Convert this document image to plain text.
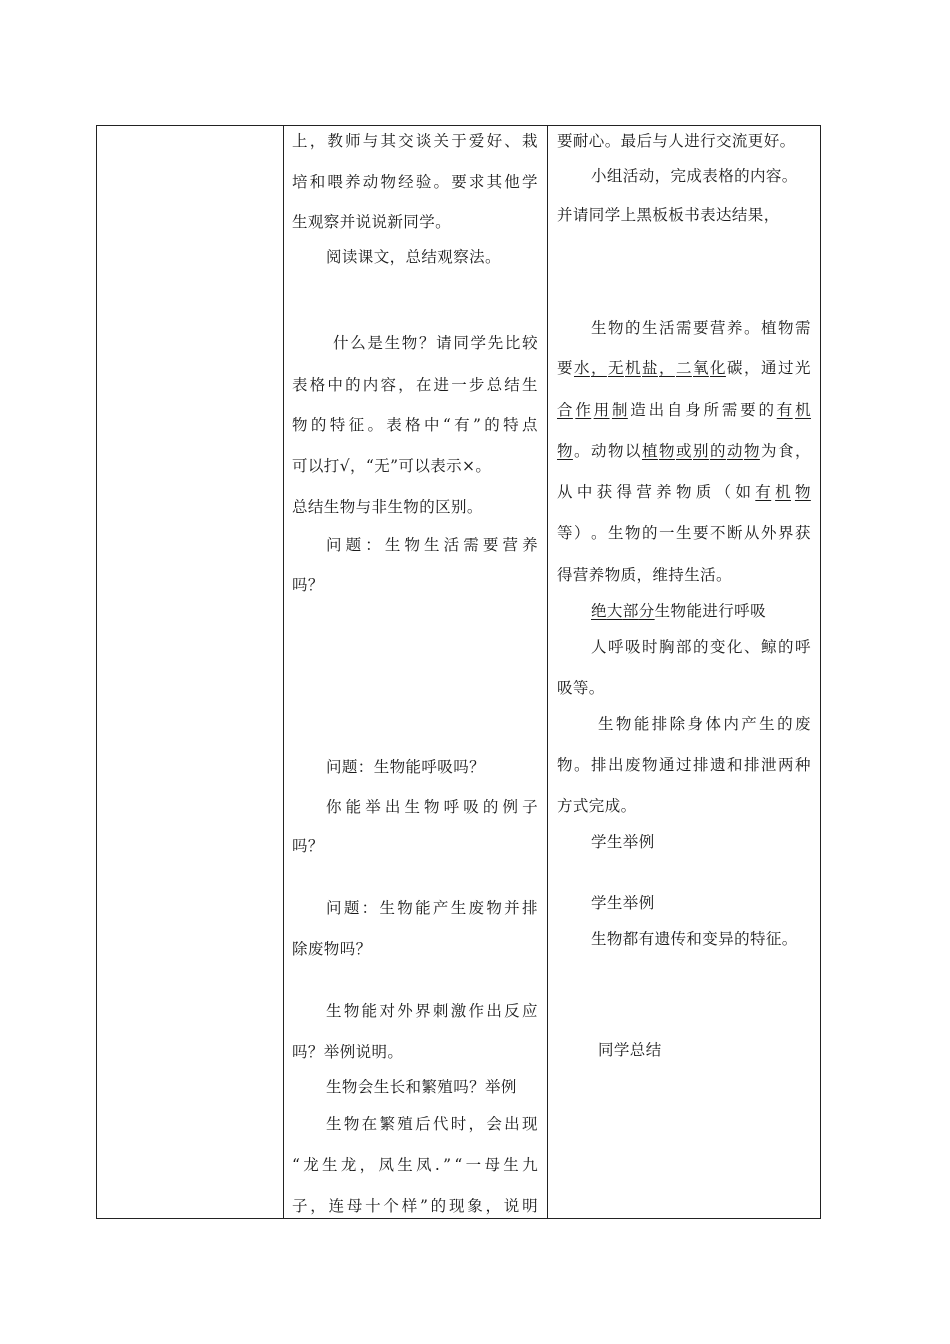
上 ， 教 师 与 其 交 谈 关 于 爱 好 、 栽
培 和 喂 养 动 物 经 验 。 要 求 其 他 学
生观察并说说新同学。
阅读课文，总结观察法。
什 么 是 生 物 ？ 请 同 学 先 比 较
表 格 中 的 内 容 ， 在 进 一 步 总 结 生
物 的 特 征 。 表 格 中 “ 有 ” 的 特 点
可以打√，“无”可以表示×。
总结生物与非生物的区别。
问 题 ： 生 物 生 活 需 要 营 养
吗？
问题：生物能呼吸吗？
你 能 举 出 生 物 呼 吸 的 例 子
吗？
问 题 ： 生 物 能 产 生 废 物 并 排
除废物吗？
生 物 能 对 外 界 刺 激 作 出 反 应
吗？举例说明。
生物会生长和繁殖吗？举例
生 物 在 繁 殖 后 代 时 ， 会 出 现
“ 龙 生 龙 ， 凤 生 凤 . ” “ 一 母 生 九
子 ， 连 母 十 个 样 ” 的 现 象 ， 说 明
要耐心。最后与人进行交流更好。
小组活动，完成表格的内容。
并请同学上黑板板书表达结果，
生 物 的 生 活 需 要 营 养 。 植 物 需
要 水 ， 无 机 盐 ， 二 氧 化 碳 ， 通 过 光
合 作 用 制 造 出 自 身 所 需 要 的 有 机
物 。 动 物 以 植 物 或 别 的 动 物 为 食 ，
从 中 获 得 营 养 物 质 （ 如 有 机 物
等 ） 。 生 物 的 一 生 要 不 断 从 外 界 获
得营养物质，维持生活。
绝大部分生物能进行呼吸
人 呼 吸 时 胸 部 的 变 化 、 鲸 的 呼
吸等。
生 物 能 排 除 身 体 内 产 生 的 废
物 。 排 出 废 物 通 过 排 遗 和 排 泄 两 种
方式完成。
学生举例
学生举例
生物都有遗传和变异的特征。
同学总结
